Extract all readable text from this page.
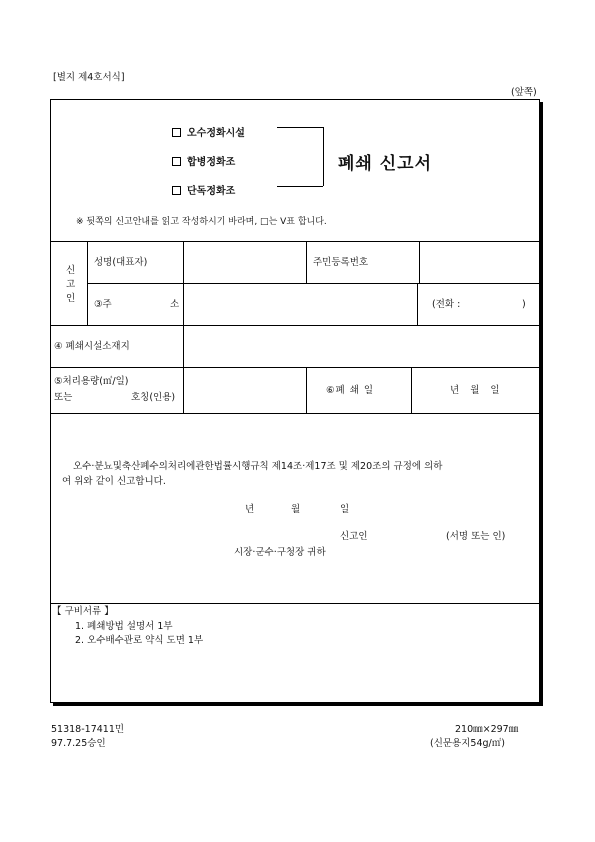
[별지 제4호서식]
(앞쪽)
오수정화시설
합병정화조
단독정화조
폐쇄 신고서
※ 뒷쪽의 신고안내를 읽고 작성하시기 바라며, □는 V표 합니다.
신
고
인
성명(대표자)	주민등록번호
③주	소	(전화 :	)
④ 폐쇄시설소재지
⑤처리용량(㎥/일)
또는	호칭(인용)
⑥폐 쇄 일	년 월 일
오수·분뇨및축산폐수의처리에관한법률시행규칙 제14조·제17조 및 제20조의 규정에 의하
여 위와 같이 신고합니다.
년	월	일
신고인	(서명 또는 인)
시장·군수·구청장 귀하
【 구비서류 】
1. 폐쇄방법 설명서 1부
2. 오수배수관로 약식 도면 1부
51318-17411민
97.7.25승인
210㎜×297㎜
(신문용지54g/㎡)
